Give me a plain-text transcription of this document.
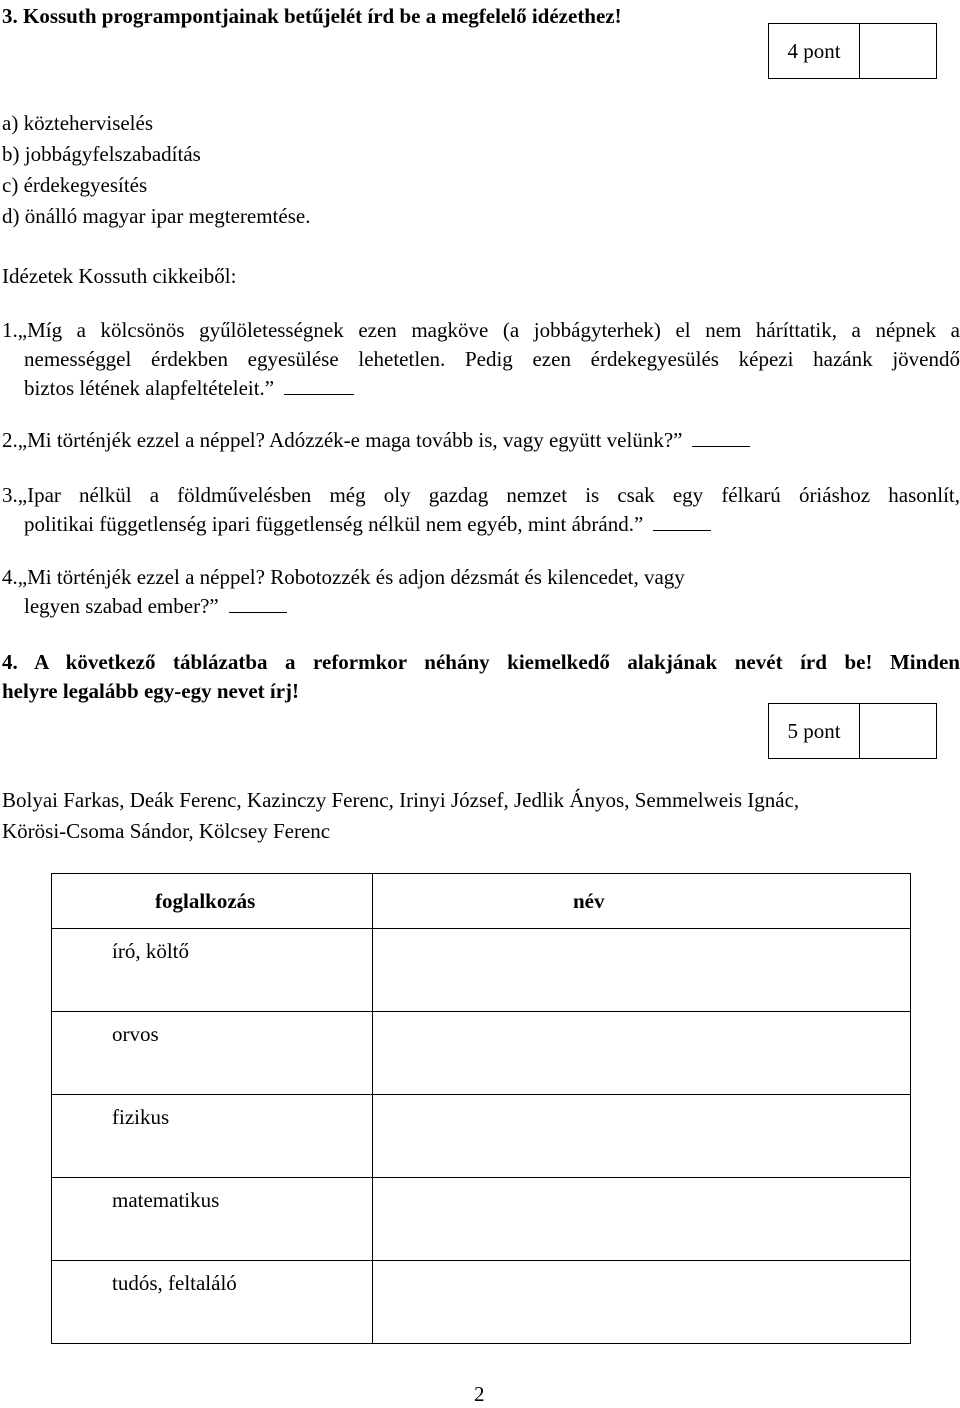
3. Kossuth programpontjainak betűjelét írd be a megfelelő idézethez!
4 pont
a) közteherviselés
b) jobbágyfelszabadítás
c) érdekegyesítés
d) önálló magyar ipar megteremtése.
Idézetek Kossuth cikkeiből:
1.„Míg a kölcsönös gyűlöletességnek ezen magköve (a jobbágyterhek) el nem háríttatik, a népnek a
nemességgel érdekben egyesülése lehetetlen. Pedig ezen érdekegyesülés képezi hazánk jövendő
biztos létének alapfeltételeit.”
2.„Mi történjék ezzel a néppel? Adózzék-e maga tovább is, vagy együtt velünk?”
3.„Ipar nélkül a földművelésben még oly gazdag nemzet is csak egy félkarú óriáshoz hasonlít,
politikai függetlenség ipari függetlenség nélkül nem egyéb, mint ábránd.”
4.„Mi történjék ezzel a néppel? Robotozzék és adjon dézsmát és kilencedet, vagy
legyen szabad ember?”
4. A következő táblázatba a reformkor néhány kiemelkedő alakjának nevét írd be! Minden
helyre legalább egy-egy nevet írj!
5 pont
Bolyai Farkas, Deák Ferenc, Kazinczy Ferenc, Irinyi József, Jedlik Ányos, Semmelweis Ignác,
Körösi-Csoma Sándor, Kölcsey Ferenc
foglalkozás	név

író, költő	

orvos	

fizikus	

matematikus	

tudós, feltaláló	

2
